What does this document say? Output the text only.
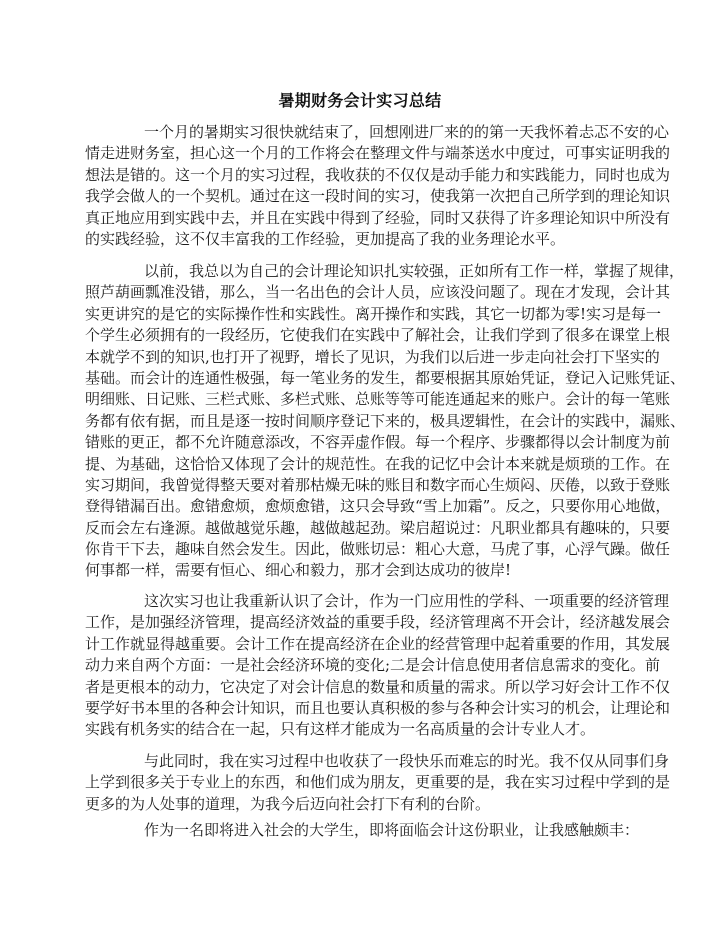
暑期财务会计实习总结
一个月的暑期实习很快就结束了，回想刚进厂来的的第一天我怀着忐忑不安的心
情走进财务室，担心这一个月的工作将会在整理文件与端茶送水中度过，可事实证明我的
想法是错的。这一个月的实习过程，我收获的不仅仅是动手能力和实践能力，同时也成为
我学会做人的一个契机。通过在这一段时间的实习，使我第一次把自己所学到的理论知识
真正地应用到实践中去，并且在实践中得到了经验，同时又获得了许多理论知识中所没有
的实践经验，这不仅丰富我的工作经验，更加提高了我的业务理论水平。
以前，我总以为自己的会计理论知识扎实较强，正如所有工作一样，掌握了规律，
照芦葫画瓢准没错，那么，当一名出色的会计人员，应该没问题了。现在才发现，会计其
实更讲究的是它的实际操作性和实践性。离开操作和实践，其它一切都为零!实习是每一
个学生必须拥有的一段经历，它使我们在实践中了解社会，让我们学到了很多在课堂上根
本就学不到的知识,也打开了视野，增长了见识，为我们以后进一步走向社会打下坚实的
基础。而会计的连通性极强，每一笔业务的发生，都要根据其原始凭证，登记入记账凭证、
明细账、日记账、三栏式账、多栏式账、总账等等可能连通起来的账户。会计的每一笔账
务都有依有据，而且是逐一按时间顺序登记下来的，极具逻辑性，在会计的实践中，漏账、
错账的更正，都不允许随意添改，不容弄虚作假。每一个程序、步骤都得以会计制度为前
提、为基础，这恰恰又体现了会计的规范性。在我的记忆中会计本来就是烦琐的工作。在
实习期间，我曾觉得整天要对着那枯燥无味的账目和数字而心生烦闷、厌倦，以致于登账
登得错漏百出。愈错愈烦，愈烦愈错，这只会导致“雪上加霜”。反之，只要你用心地做，
反而会左右逢源。越做越觉乐趣，越做越起劲。梁启超说过：凡职业都具有趣味的，只要
你肯干下去，趣味自然会发生。因此，做账切忌：粗心大意，马虎了事，心浮气躁。做任
何事都一样，需要有恒心、细心和毅力，那才会到达成功的彼岸!
这次实习也让我重新认识了会计，作为一门应用性的学科、一项重要的经济管理
工作，是加强经济管理，提高经济效益的重要手段，经济管理离不开会计，经济越发展会
计工作就显得越重要。会计工作在提高经济在企业的经营管理中起着重要的作用，其发展
动力来自两个方面：一是社会经济环境的变化;二是会计信息使用者信息需求的变化。前
者是更根本的动力，它决定了对会计信息的数量和质量的需求。所以学习好会计工作不仅
要学好书本里的各种会计知识，而且也要认真积极的参与各种会计实习的机会，让理论和
实践有机务实的结合在一起，只有这样才能成为一名高质量的会计专业人才。
与此同时，我在实习过程中也收获了一段快乐而难忘的时光。我不仅从同事们身
上学到很多关于专业上的东西，和他们成为朋友，更重要的是，我在实习过程中学到的是
更多的为人处事的道理，为我今后迈向社会打下有利的台阶。
作为一名即将进入社会的大学生，即将面临会计这份职业，让我感触颇丰：
